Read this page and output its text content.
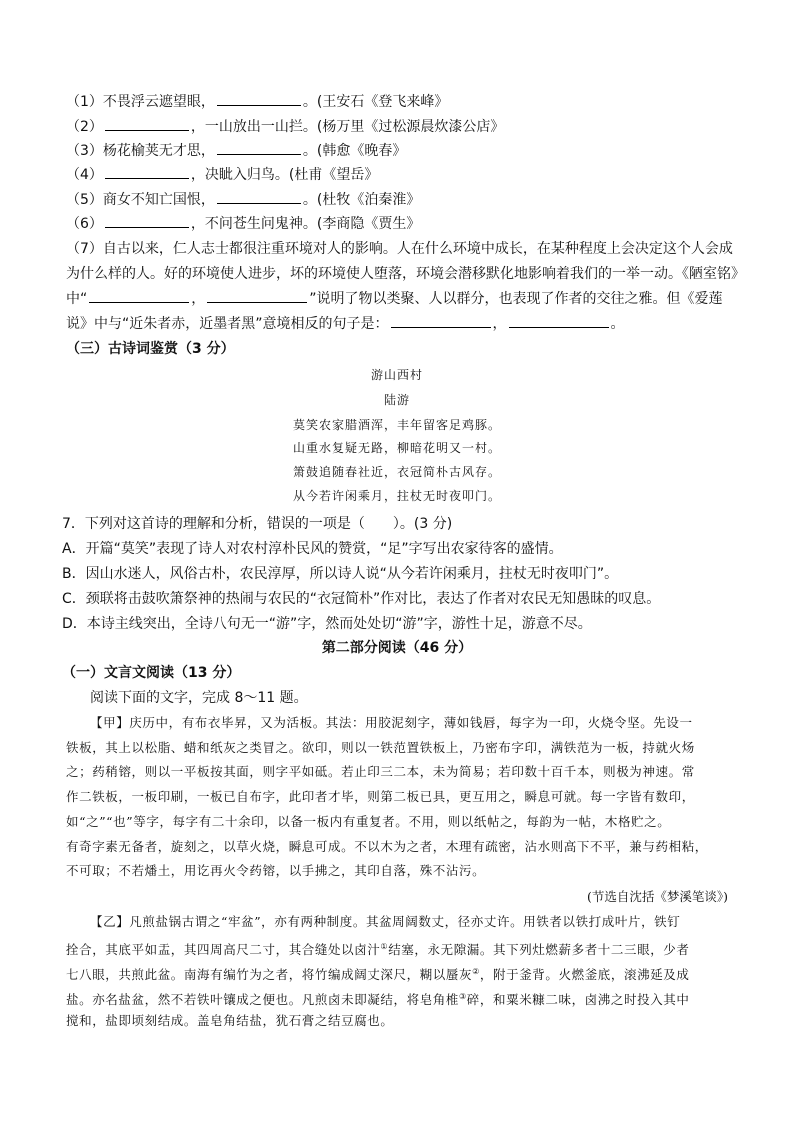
（1）不畏浮云遮望眼，	。(王安石《登飞来峰》
（2）	，一山放出一山拦。(杨万里《过松源晨炊漆公店》
（3）杨花榆荚无才思，	。(韩愈《晚春》
（4）	，决眦入归鸟。(杜甫《望岳》
（5）商女不知亡国恨，	。(杜牧《泊秦淮》
（6）	，不问苍生问鬼神。(李商隐《贾生》
（7）自古以来，仁人志士都很注重环境对人的影响。人在什么环境中成长，在某种程度上会决定这个人会成
为什么样的人。好的环境使人进步，坏的环境使人堕落，环境会潜移默化地影响着我们的一举一动。《陋室铭》
中“	，	”说明了物以类聚、人以群分，也表现了作者的交往之雅。但《爱莲
说》中与“近朱者赤，近墨者黑”意境相反的句子是：	，	。
（三）古诗词鉴赏（3 分）
游山西村
陆游
莫笑农家腊酒浑，丰年留客足鸡豚。
山重水复疑无路，柳暗花明又一村。
箫鼓追随春社近，衣冠简朴古风存。
从今若许闲乘月，拄杖无时夜叩门。
7．下列对这首诗的理解和分析，错误的一项是（　　）。(3 分)
A．开篇“莫笑”表现了诗人对农村淳朴民风的赞赏，“足”字写出农家待客的盛情。
B．因山水迷人，风俗古朴，农民淳厚，所以诗人说“从今若许闲乘月，拄杖无时夜叩门”。
C．颈联将击鼓吹箫祭神的热闹与农民的“衣冠简朴”作对比，表达了作者对农民无知愚昧的叹息。
D．本诗主线突出，全诗八句无一“游”字，然而处处切“游”字，游性十足，游意不尽。
第二部分阅读（46 分）
（一）文言文阅读（13 分）
阅读下面的文字，完成 8～11 题。
【甲】庆历中，有布衣毕昇，又为活板。其法：用胶泥刻字，薄如钱唇，每字为一印，火烧令坚。先设一
铁板，其上以松脂、蜡和纸灰之类冒之。欲印，则以一铁范置铁板上，乃密布字印，满铁范为一板，持就火炀
之；药稍镕，则以一平板按其面，则字平如砥。若止印三二本，未为简易；若印数十百千本，则极为神速。常
作二铁板，一板印刷，一板已自布字，此印者才毕，则第二板已具，更互用之，瞬息可就。每一字皆有数印，
如“之”“也”等字，每字有二十余印，以备一板内有重复者。不用，则以纸帖之，每韵为一帖，木格贮之。
有奇字素无备者，旋刻之，以草火烧，瞬息可成。不以木为之者，木理有疏密，沾水则高下不平，兼与药相粘，
不可取；不若燔土，用讫再火令药镕，以手拂之，其印自落，殊不沾污。
(节选自沈括《梦溪笔谈》)
【乙】凡煎盐锅古谓之“牢盆”，亦有两种制度。其盆周阔数丈，径亦丈许。用铁者以铁打成叶片，铁钉
拴合，其底平如盂，其四周高尺二寸，其合缝处以卤汁①结塞，永无隙漏。其下列灶燃薪多者十二三眼，少者
七八眼，共煎此盆。南海有编竹为之者，将竹编成阔丈深尺，糊以蜃灰②，附于釜背。火燃釜底，滚沸延及成
盐。亦名盐盆，然不若铁叶镶成之便也。凡煎卤未即凝结，将皂角椎③碎，和粟米糠二味，卤沸之时投入其中
搅和，盐即顷刻结成。盖皂角结盐，犹石膏之结豆腐也。
